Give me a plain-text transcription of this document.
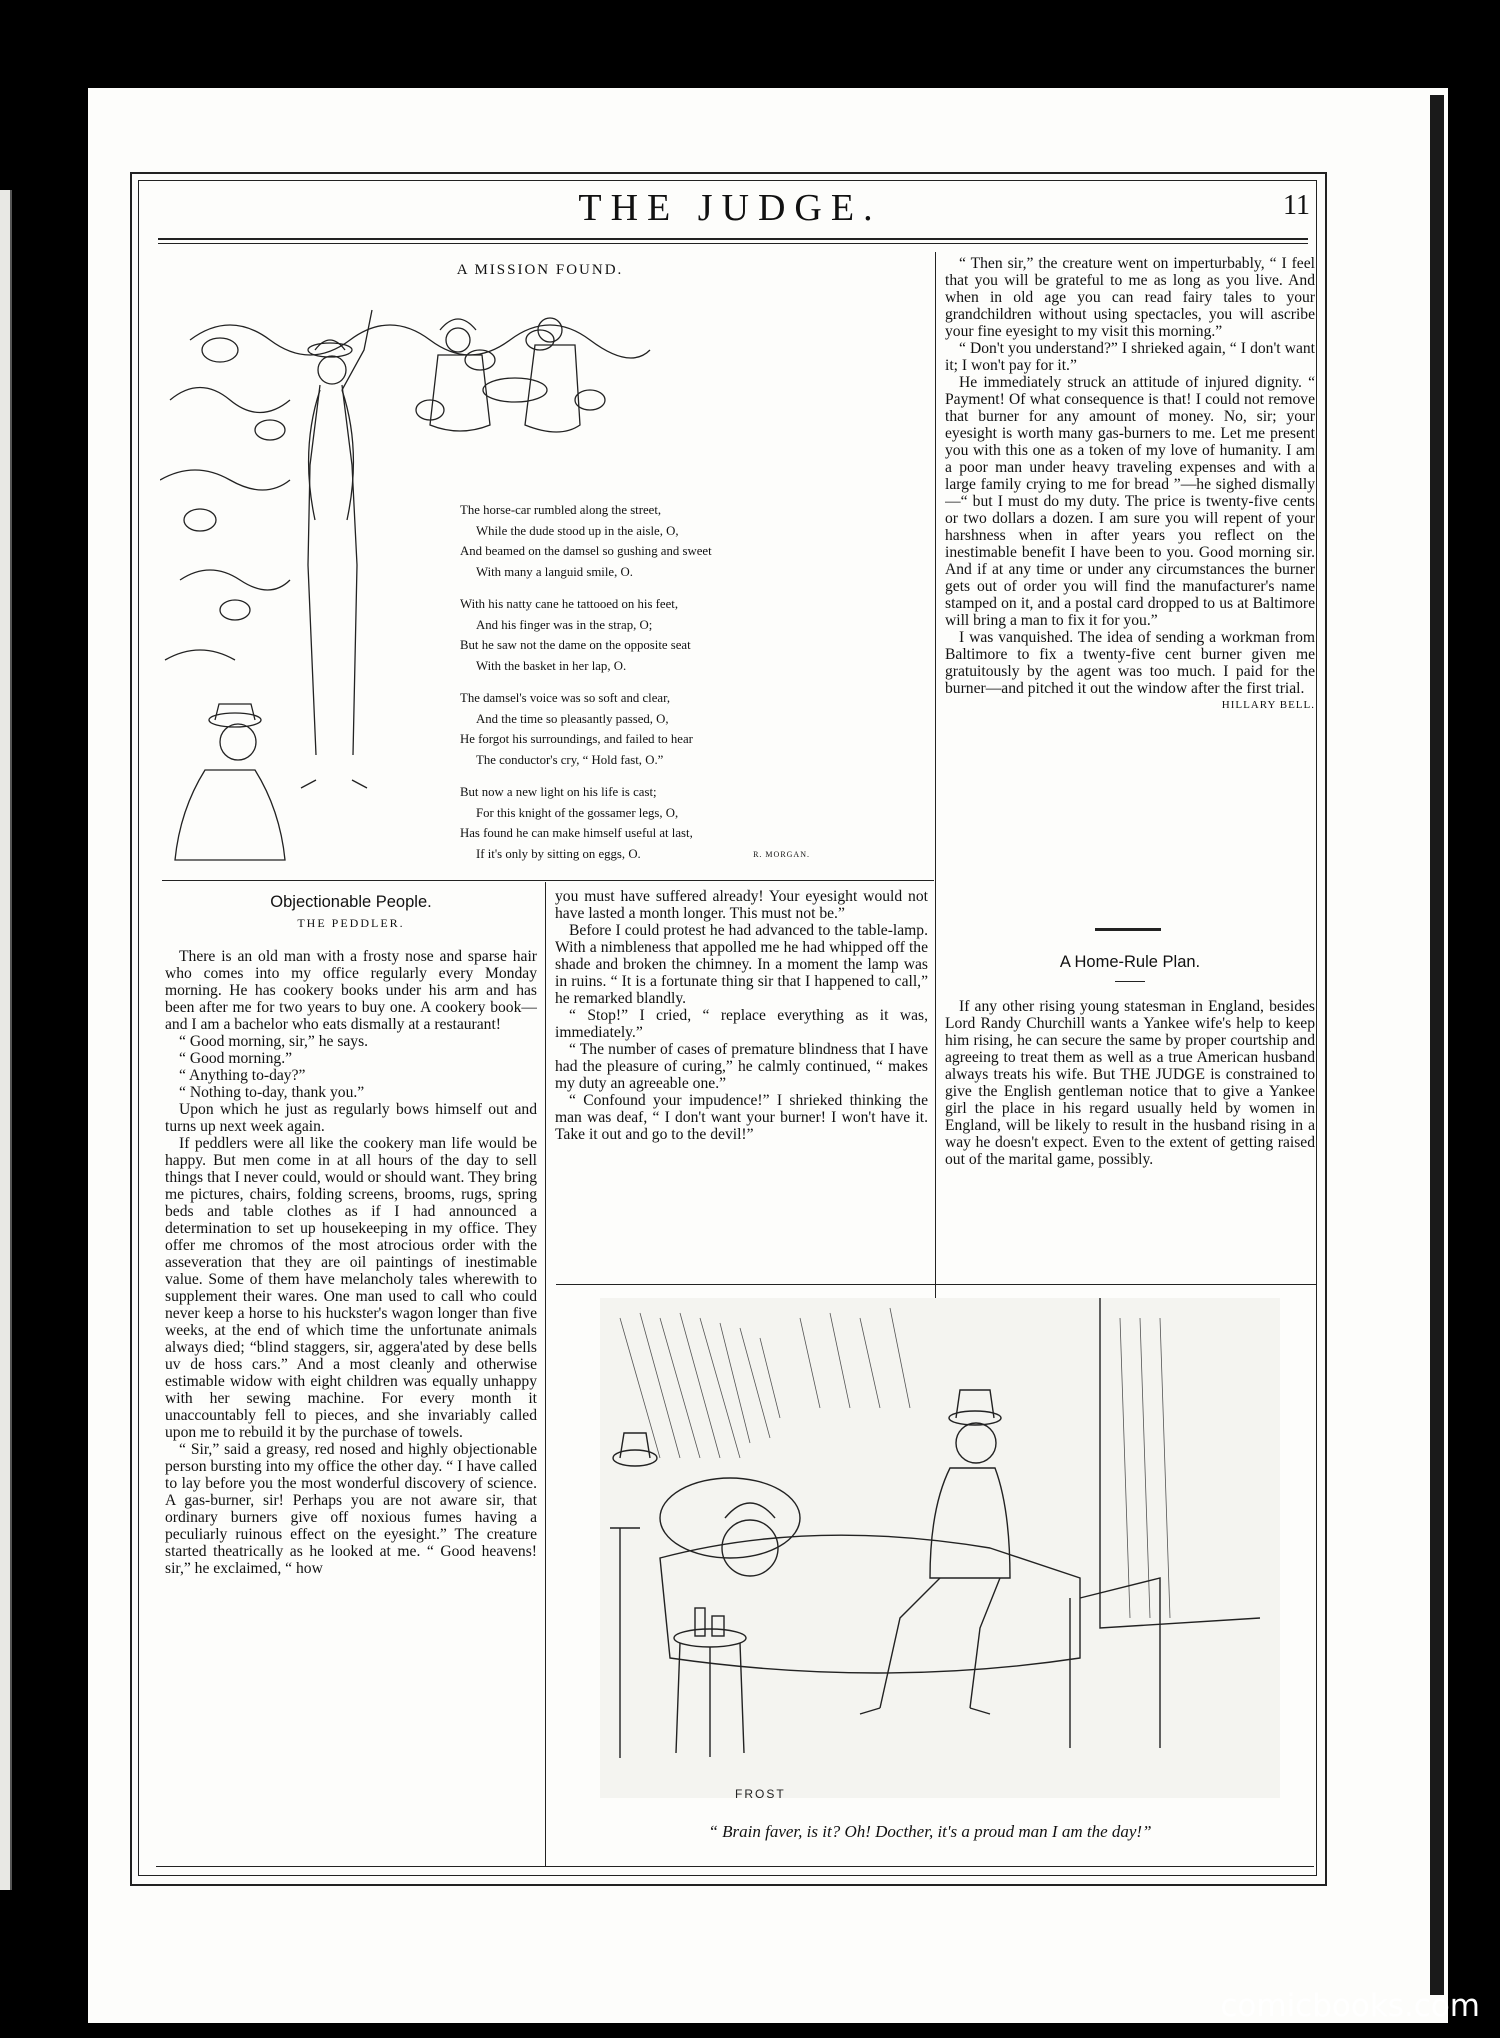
THE JUDGE.	11
A MISSION FOUND.
The horse-car rumbled along the street,
While the dude stood up in the aisle, O,
And beamed on the damsel so gushing and sweet
With many a languid smile, O.
With his natty cane he tattooed on his feet,
And his finger was in the strap, O;
But he saw not the dame on the opposite seat
With the basket in her lap, O.
The damsel's voice was so soft and clear,
And the time so pleasantly passed, O,
He forgot his surroundings, and failed to hear
The conductor's cry, “ Hold fast, O.”
But now a new light on his life is cast;
For this knight of the gossamer legs, O,
Has found he can make himself useful at last,
If it's only by sitting on eggs, O.	R. MORGAN.
Objectionable People.
THE PEDDLER.

There is an old man with a frosty nose and sparse hair who comes into my office regularly every Monday morning. He has cookery books under his arm and has been after me for two years to buy one. A cookery book—and I am a bachelor who eats dismally at a restaurant!

“ Good morning, sir,” he says.

“ Good morning.”

“ Anything to-day?”

“ Nothing to-day, thank you.”

Upon which he just as regularly bows himself out and turns up next week again.

If peddlers were all like the cookery man life would be happy. But men come in at all hours of the day to sell things that I never could, would or should want. They bring me pictures, chairs, folding screens, brooms, rugs, spring beds and table clothes as if I had announced a determination to set up housekeeping in my office. They offer me chromos of the most atrocious order with the asseveration that they are oil paintings of inestimable value. Some of them have melancholy tales wherewith to supplement their wares. One man used to call who could never keep a horse to his huckster's wagon longer than five weeks, at the end of which time the unfortunate animals always died; “blind staggers, sir, aggera'ated by dese bells uv de hoss cars.” And a most cleanly and otherwise estimable widow with eight children was equally unhappy with her sewing machine. For every month it unaccountably fell to pieces, and she invariably called upon me to rebuild it by the purchase of towels.

“ Sir,” said a greasy, red nosed and highly objectionable person bursting into my office the other day. “ I have called to lay before you the most wonderful discovery of science. A gas-burner, sir! Perhaps you are not aware sir, that ordinary burners give off noxious fumes having a peculiarly ruinous effect on the eyesight.” The creature started theatrically as he looked at me. “ Good heavens! sir,” he exclaimed, “ how

you must have suffered already! Your eyesight would not have lasted a month longer. This must not be.”

Before I could protest he had advanced to the table-lamp. With a nimbleness that appolled me he had whipped off the shade and broken the chimney. In a moment the lamp was in ruins. “ It is a fortunate thing sir that I happened to call,” he remarked blandly.

“ Stop!” I cried, “ replace everything as it was, immediately.”

“ The number of cases of premature blindness that I have had the pleasure of curing,” he calmly continued, “ makes my duty an agreeable one.”

“ Confound your impudence!” I shrieked thinking the man was deaf, “ I don't want your burner! I won't have it. Take it out and go to the devil!”

“ Then sir,” the creature went on imperturbably, “ I feel that you will be grateful to me as long as you live. And when in old age you can read fairy tales to your grandchildren without using spectacles, you will ascribe your fine eyesight to my visit this morning.”

“ Don't you understand?” I shrieked again, “ I don't want it; I won't pay for it.”

He immediately struck an attitude of injured dignity. “ Payment! Of what consequence is that! I could not remove that burner for any amount of money. No, sir; your eyesight is worth many gas-burners to me. Let me present you with this one as a token of my love of humanity. I am a poor man under heavy traveling expenses and with a large family crying to me for bread ”—he sighed dismally—“ but I must do my duty. The price is twenty-five cents or two dollars a dozen. I am sure you will repent of your harshness when in after years you reflect on the inestimable benefit I have been to you. Good morning sir. And if at any time or under any circumstances the burner gets out of order you will find the manufacturer's name stamped on it, and a postal card dropped to us at Baltimore will bring a man to fix it for you.”

I was vanquished. The idea of sending a workman from Baltimore to fix a twenty-five cent burner given me gratuitously by the agent was too much. I paid for the burner—and pitched it out the window after the first trial.

HILLARY BELL.
A Home-Rule Plan.

If any other rising young statesman in England, besides Lord Randy Churchill wants a Yankee wife's help to keep him rising, he can secure the same by proper courtship and agreeing to treat them as well as a true American husband always treats his wife. But THE JUDGE is constrained to give the English gentleman notice that to give a Yankee girl the place in his regard usually held by women in England, will be likely to result in the husband rising in a way he doesn't expect. Even to the extent of getting raised out of the marital game, possibly.

FROST
“ Brain faver, is it? Oh! Docther, it's a proud man I am the day!”
comicbooks.com
